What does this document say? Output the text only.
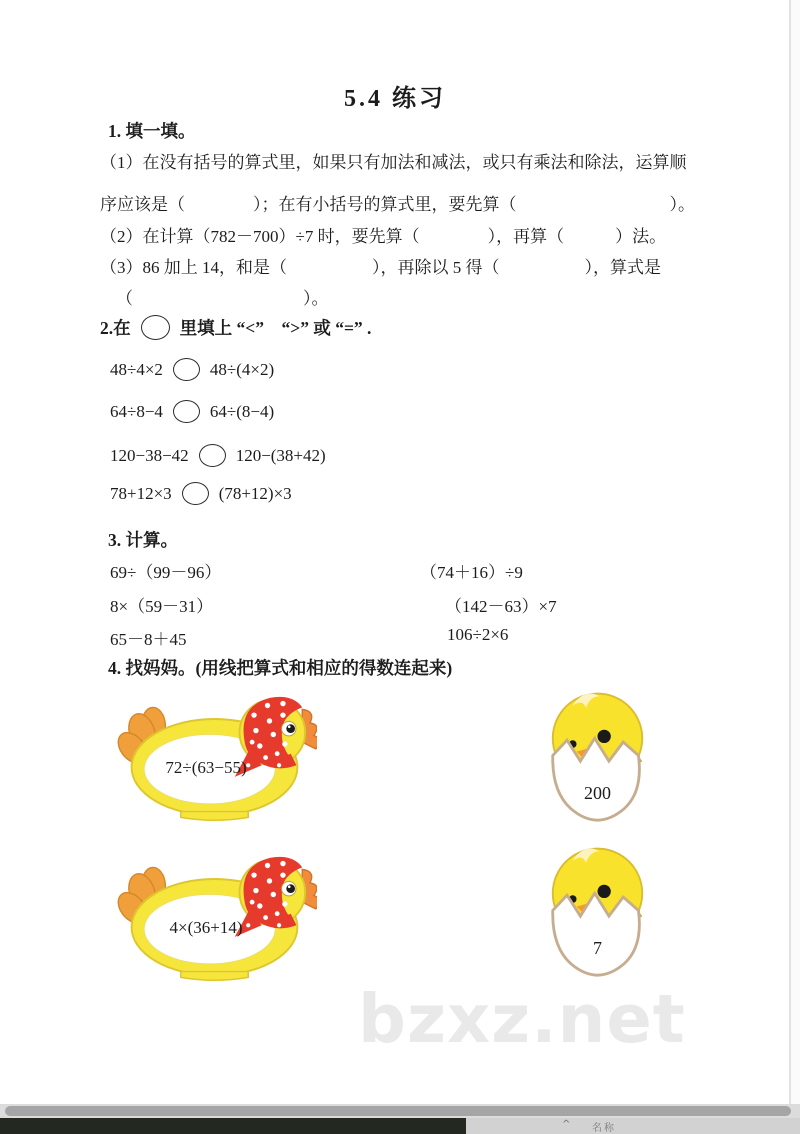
5.4 练习
1. 填一填。
（1）在没有括号的算式里，如果只有加法和减法，或只有乘法和除法，运算顺
序应该是（　　　　）；在有小括号的算式里，要先算（　　　　　　　　　）。
（2）在计算（782－700）÷7 时，要先算（　　　　），再算（　　　）法。
（3）86 加上 14，和是（　　　　　），再除以 5 得（　　　　　），算式是
（　　　　　　　　　　）。
2.在	里填上 “<”　“>” 或 “=” .
48÷4×2	48÷(4×2)
64÷8−4	64÷(8−4)
120−38−42	120−(38+42)
78+12×3	(78+12)×3
3. 计算。
69÷（99－96）	（74＋16）÷9
8×（59－31）	（142－63）×7
65－8＋45	106÷2×6
4. 找妈妈。(用线把算式和相应的得数连起来)
72÷(63−55)
4×(36+14)
200
7
bzxz.net
^ 名称
